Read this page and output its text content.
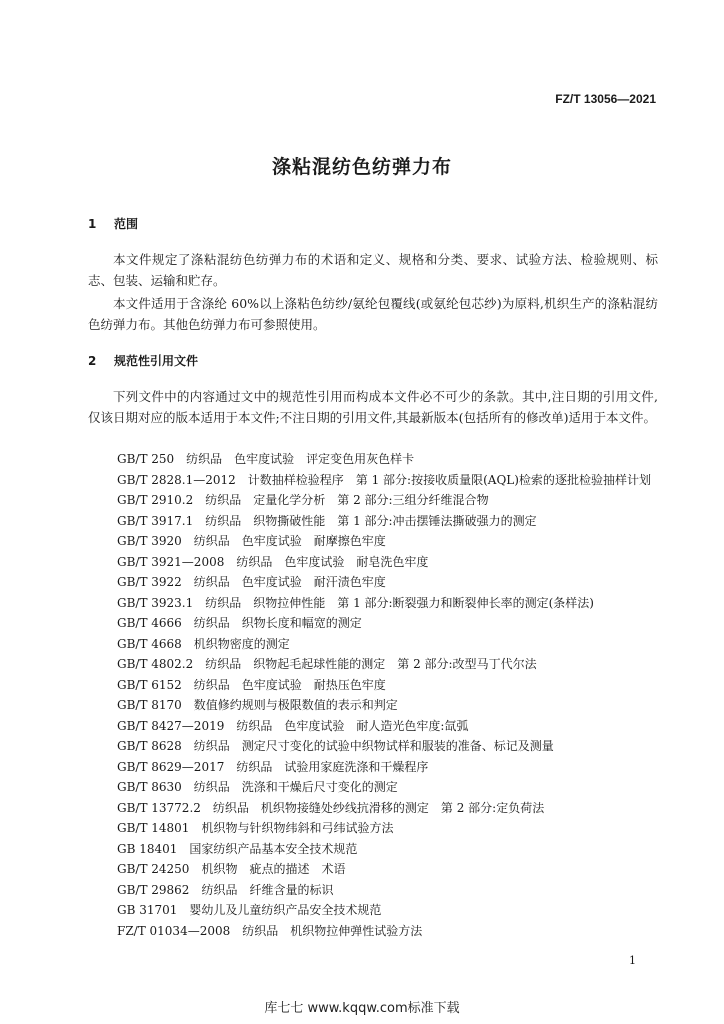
FZ/T 13056—2021
涤粘混纺色纺弹力布
1 范围
本文件规定了涤粘混纺色纺弹力布的术语和定义、规格和分类、要求、试验方法、检验规则、标志、包装、运输和贮存。
本文件适用于含涤纶 60%以上涤粘色纺纱/氨纶包覆线(或氨纶包芯纱)为原料,机织生产的涤粘混纺色纺弹力布。其他色纺弹力布可参照使用。
2 规范性引用文件
下列文件中的内容通过文中的规范性引用而构成本文件必不可少的条款。其中,注日期的引用文件,仅该日期对应的版本适用于本文件;不注日期的引用文件,其最新版本(包括所有的修改单)适用于本文件。
GB/T 250　纺织品　色牢度试验　评定变色用灰色样卡
GB/T 2828.1—2012　计数抽样检验程序　第 1 部分:按接收质量限(AQL)检索的逐批检验抽样计划
GB/T 2910.2　纺织品　定量化学分析　第 2 部分:三组分纤维混合物
GB/T 3917.1　纺织品　织物撕破性能　第 1 部分:冲击摆锤法撕破强力的测定
GB/T 3920　纺织品　色牢度试验　耐摩擦色牢度
GB/T 3921—2008　纺织品　色牢度试验　耐皂洗色牢度
GB/T 3922　纺织品　色牢度试验　耐汗渍色牢度
GB/T 3923.1　纺织品　织物拉伸性能　第 1 部分:断裂强力和断裂伸长率的测定(条样法)
GB/T 4666　纺织品　织物长度和幅宽的测定
GB/T 4668　机织物密度的测定
GB/T 4802.2　纺织品　织物起毛起球性能的测定　第 2 部分:改型马丁代尔法
GB/T 6152　纺织品　色牢度试验　耐热压色牢度
GB/T 8170　数值修约规则与极限数值的表示和判定
GB/T 8427—2019　纺织品　色牢度试验　耐人造光色牢度:氙弧
GB/T 8628　纺织品　测定尺寸变化的试验中织物试样和服装的准备、标记及测量
GB/T 8629—2017　纺织品　试验用家庭洗涤和干燥程序
GB/T 8630　纺织品　洗涤和干燥后尺寸变化的测定
GB/T 13772.2　纺织品　机织物接缝处纱线抗滑移的测定　第 2 部分:定负荷法
GB/T 14801　机织物与针织物纬斜和弓纬试验方法
GB 18401　国家纺织产品基本安全技术规范
GB/T 24250　机织物　疵点的描述　术语
GB/T 29862　纺织品　纤维含量的标识
GB 31701　婴幼儿及儿童纺织产品安全技术规范
FZ/T 01034—2008　纺织品　机织物拉伸弹性试验方法
1
库七七 www.kqqw.com标准下载
